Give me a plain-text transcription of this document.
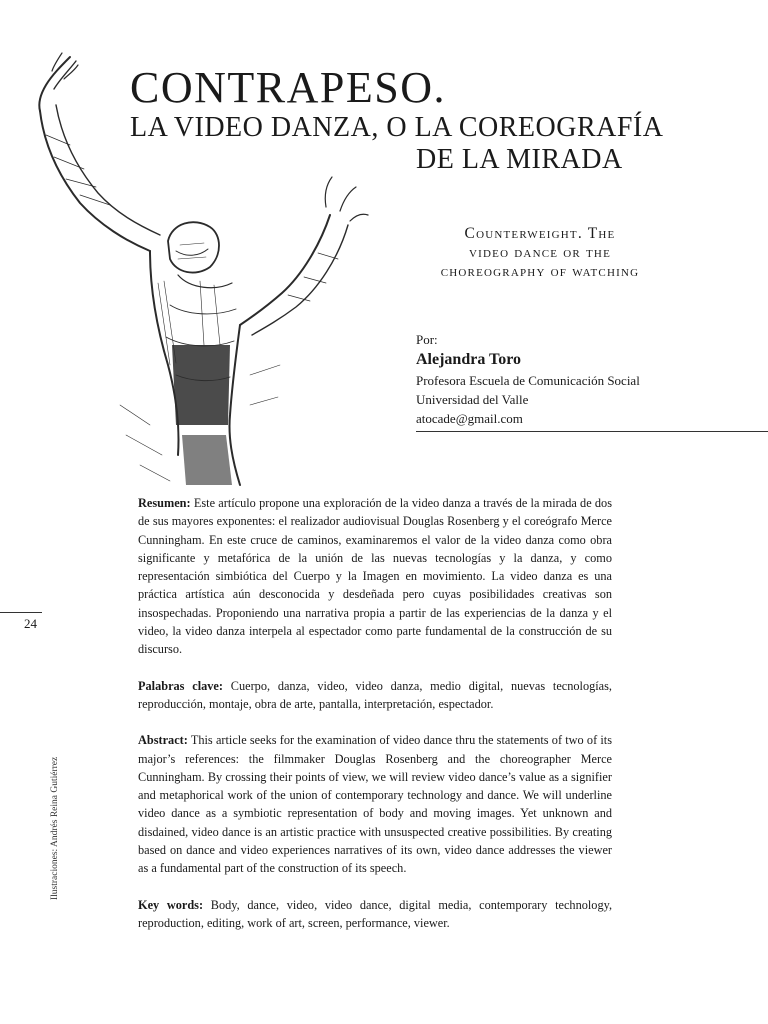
CONTRAPESO.
LA VIDEO DANZA, O LA COREOGRAFÍA
DE LA MIRADA
Counterweight. The
video dance or the
choreography of watching
Por:
Alejandra Toro
Profesora Escuela de Comunicación Social
Universidad del Valle
atocade@gmail.com
24
Ilustraciones: Andrés Reina Gutiérrez

Resumen: Este artículo propone una exploración de la video danza a través de la mirada de dos de sus mayores exponentes: el realizador audiovisual Douglas Rosenberg y el coreógrafo Merce Cunningham. En este cruce de caminos, examinaremos el valor de la video danza como obra significante y metafórica de la unión de las nuevas tecnologías y la danza, y como representación simbiótica del Cuerpo y la Imagen en movimiento. La video danza es una práctica artística aún desconocida y desdeñada pero cuyas posibilidades creativas son insospechadas. Proponiendo una narrativa propia a partir de las experiencias de la danza y el video, la video danza interpela al espectador como parte fundamental de la construcción de su discurso.

Palabras clave: Cuerpo, danza, video, video danza, medio digital, nuevas tecnologías, reproducción, montaje, obra de arte, pantalla, interpretación, espectador.

Abstract: This article seeks for the examination of video dance thru the statements of two of its major’s references: the filmmaker Douglas Rosenberg and the choreographer Merce Cunningham. By crossing their points of view, we will review video dance’s value as a signifier and metaphorical work of the union of contemporary technology and dance. We will underline video dance as a symbiotic representation of body and moving images. Yet unknown and disdained, video dance is an artistic practice with unsuspected creative possibilities. By creating based on dance and video experiences narratives of its own, video dance addresses the viewer as a fundamental part of the construction of its speech.

Key words: Body, dance, video, video dance, digital media, contemporary technology, reproduction, editing, work of art, screen, performance, viewer.
